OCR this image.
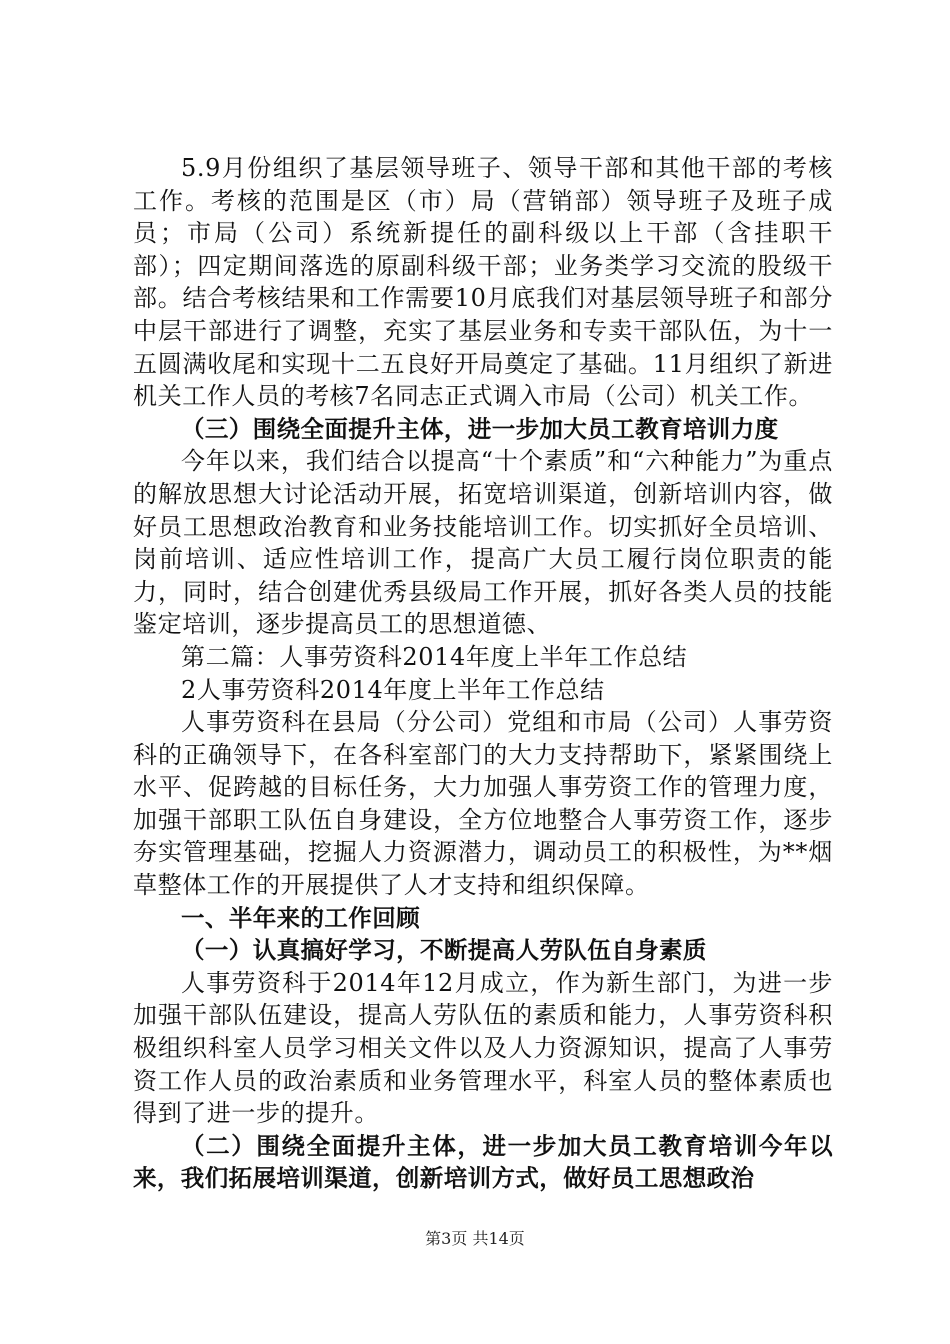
5.9月份组织了基层领导班子、领导干部和其他干部的考核工作。考核的范围是区（市）局（营销部）领导班子及班子成员；市局（公司）系统新提任的副科级以上干部（含挂职干部）；四定期间落选的原副科级干部；业务类学习交流的股级干部。结合考核结果和工作需要10月底我们对基层领导班子和部分中层干部进行了调整，充实了基层业务和专卖干部队伍，为十一五圆满收尾和实现十二五良好开局奠定了基础。11月组织了新进机关工作人员的考核7名同志正式调入市局（公司）机关工作。

（三）围绕全面提升主体，进一步加大员工教育培训力度

今年以来，我们结合以提高“十个素质”和“六种能力”为重点的解放思想大讨论活动开展，拓宽培训渠道，创新培训内容，做好员工思想政治教育和业务技能培训工作。切实抓好全员培训、岗前培训、适应性培训工作，提高广大员工履行岗位职责的能力，同时，结合创建优秀县级局工作开展，抓好各类人员的技能鉴定培训，逐步提高员工的思想道德、

第二篇：人事劳资科2014年度上半年工作总结

2人事劳资科2014年度上半年工作总结

人事劳资科在县局（分公司）党组和市局（公司）人事劳资科的正确领导下，在各科室部门的大力支持帮助下，紧紧围绕上水平、促跨越的目标任务，大力加强人事劳资工作的管理力度，加强干部职工队伍自身建设，全方位地整合人事劳资工作，逐步夯实管理基础，挖掘人力资源潜力，调动员工的积极性，为**烟草整体工作的开展提供了人才支持和组织保障。

一、半年来的工作回顾

（一）认真搞好学习，不断提高人劳队伍自身素质

人事劳资科于2014年12月成立，作为新生部门，为进一步加强干部队伍建设，提高人劳队伍的素质和能力，人事劳资科积极组织科室人员学习相关文件以及人力资源知识，提高了人事劳资工作人员的政治素质和业务管理水平，科室人员的整体素质也得到了进一步的提升。

（二）围绕全面提升主体，进一步加大员工教育培训今年以来，我们拓展培训渠道，创新培训方式，做好员工思想政治

第3页 共14页
